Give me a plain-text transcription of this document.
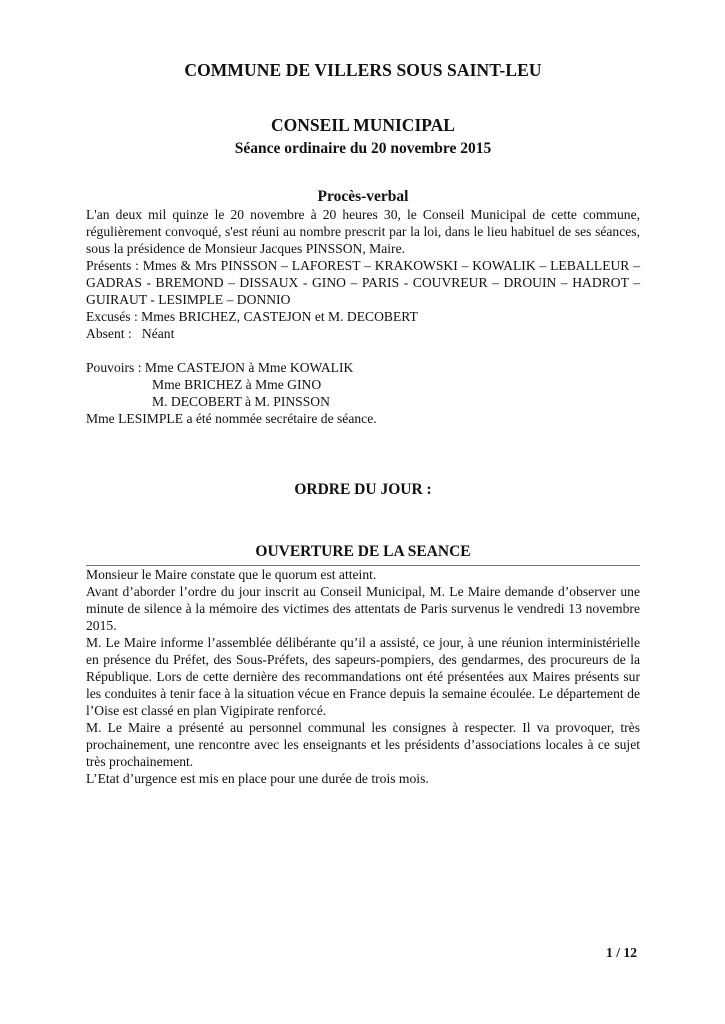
COMMUNE DE VILLERS SOUS SAINT-LEU
CONSEIL MUNICIPAL
Séance ordinaire du 20 novembre 2015
Procès-verbal

L'an deux mil quinze le 20 novembre à 20 heures 30, le Conseil Municipal de cette commune, régulièrement convoqué, s'est réuni au nombre prescrit par la loi, dans le lieu habituel de ses séances, sous la présidence de Monsieur Jacques PINSSON, Maire.

Présents : Mmes & Mrs PINSSON – LAFOREST – KRAKOWSKI – KOWALIK – LEBALLEUR – GADRAS - BREMOND – DISSAUX - GINO – PARIS - COUVREUR – DROUIN – HADROT – GUIRAUT - LESIMPLE – DONNIO

Excusés : Mmes BRICHEZ, CASTEJON et M. DECOBERT

Absent :   Néant

Pouvoirs : Mme CASTEJON à Mme KOWALIK
Mme BRICHEZ à Mme GINO
M. DECOBERT à M. PINSSON

Mme LESIMPLE a été nommée secrétaire de séance.

ORDRE DU JOUR :
OUVERTURE DE LA SEANCE

Monsieur le Maire constate que le quorum est atteint.

Avant d’aborder l’ordre du jour inscrit au Conseil Municipal, M. Le Maire demande d’observer une minute de silence à la mémoire des victimes des attentats de Paris survenus le vendredi 13 novembre 2015.

M. Le Maire informe l’assemblée délibérante qu’il a assisté, ce jour, à une réunion interministérielle en présence du Préfet, des Sous-Préfets, des sapeurs-pompiers, des gendarmes, des procureurs de la République. Lors de cette dernière des recommandations ont été présentées aux Maires présents sur les conduites à tenir face à la situation vécue en France depuis la semaine écoulée. Le département de l’Oise est classé en plan Vigipirate renforcé.

M. Le Maire a présenté au personnel communal les consignes à respecter. Il va provoquer, très prochainement, une rencontre avec les enseignants et les présidents d’associations locales à ce sujet très prochainement.

L’Etat d’urgence est mis en place pour une durée de trois mois.

1 / 12
